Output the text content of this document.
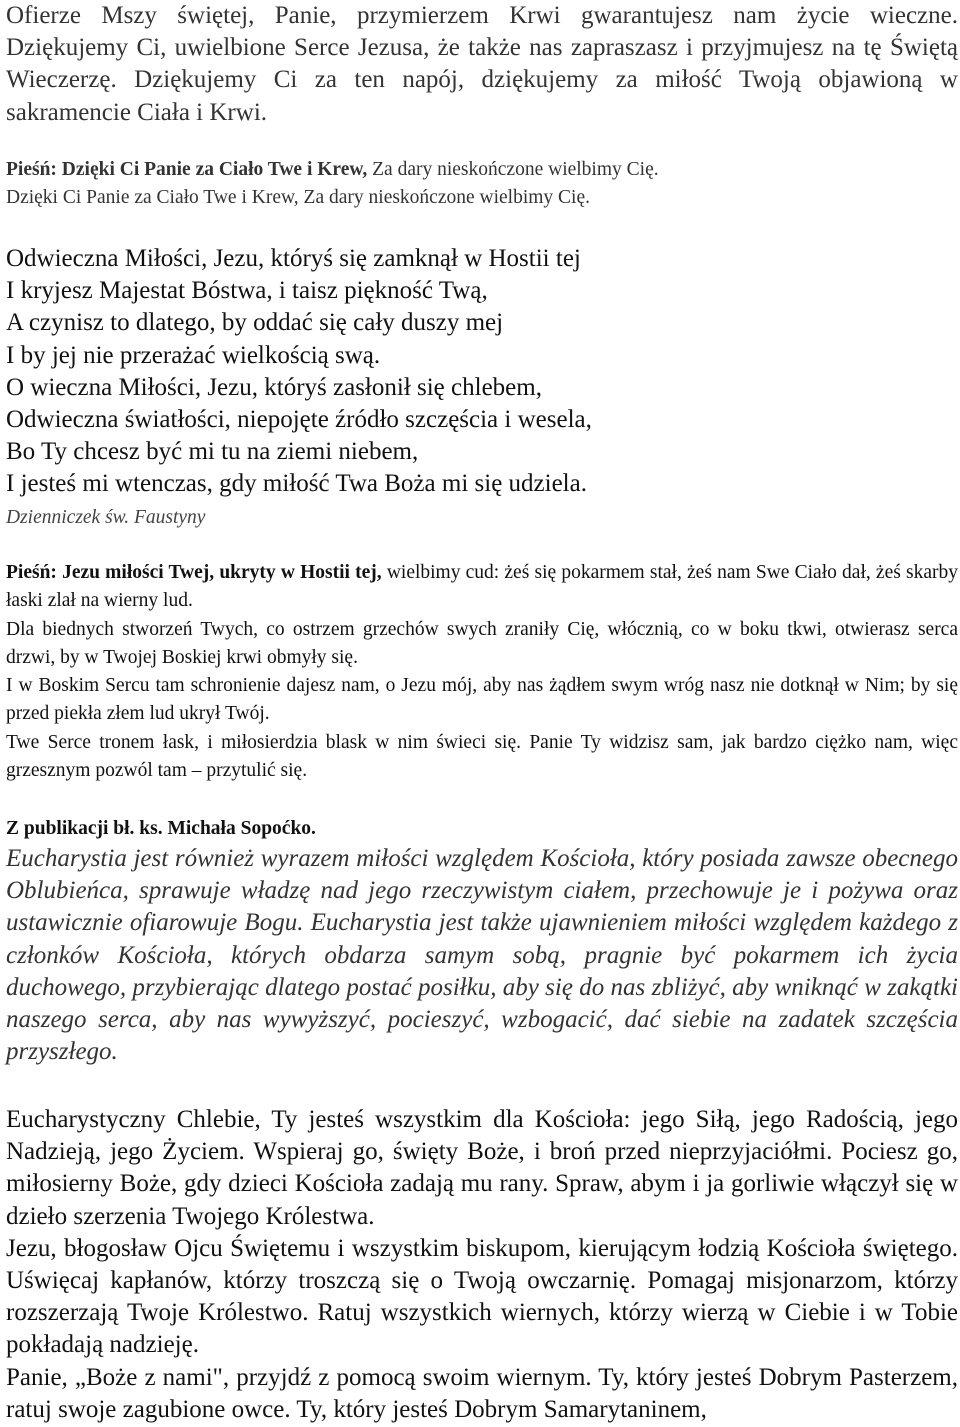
Ofierze Mszy świętej, Panie, przymierzem Krwi gwarantujesz nam życie wieczne. Dziękujemy Ci, uwielbione Serce Jezusa, że także nas zapraszasz i przyjmujesz na tę Świętą Wieczerzę. Dziękujemy Ci za ten napój, dziękujemy za miłość Twoją objawioną w sakramencie Ciała i Krwi.

Pieśń: Dzięki Ci Panie za Ciało Twe i Krew, Za dary nieskończone wielbimy Cię.
Dzięki Ci Panie za Ciało Twe i Krew, Za dary nieskończone wielbimy Cię.
Odwieczna Miłości, Jezu, któryś się zamknął w Hostii tej
I kryjesz Majestat Bóstwa, i taisz piękność Twą,
A czynisz to dlatego, by oddać się cały duszy mej
I by jej nie przerażać wielkością swą.
O wieczna Miłości, Jezu, któryś zasłonił się chlebem,
Odwieczna światłości, niepojęte źródło szczęścia i wesela,
Bo Ty chcesz być mi tu na ziemi niebem,
I jesteś mi wtenczas, gdy miłość Twa Boża mi się udziela.
Dzienniczek św. Faustyny

Pieśń: Jezu miłości Twej, ukryty w Hostii tej, wielbimy cud: żeś się pokarmem stał, żeś nam Swe Ciało dał, żeś skarby łaski zlał na wierny lud.

Dla biednych stworzeń Twych, co ostrzem grzechów swych zraniły Cię, włócznią, co w boku tkwi, otwierasz serca drzwi, by w Twojej Boskiej krwi obmyły się.

I w Boskim Sercu tam schronienie dajesz nam, o Jezu mój, aby nas żądłem swym wróg nasz nie dotknął w Nim; by się przed piekła złem lud ukrył Twój.

Twe Serce tronem łask, i miłosierdzia blask w nim świeci się. Panie Ty widzisz sam, jak bardzo ciężko nam, więc grzesznym pozwól tam – przytulić się.

Z publikacji bł. ks. Michała Sopoćko.

Eucharystia jest również wyrazem miłości względem Kościoła, który posiada zawsze obecnego Oblubieńca, sprawuje władzę nad jego rzeczywistym ciałem, przechowuje je i pożywa oraz ustawicznie ofiarowuje Bogu. Eucharystia jest także ujawnieniem miłości względem każdego z członków Kościoła, których obdarza samym sobą, pragnie być pokarmem ich życia duchowego, przybierając dlatego postać posiłku, aby się do nas zbliżyć, aby wniknąć w zakątki naszego serca, aby nas wywyższyć, pocieszyć, wzbogacić, dać siebie na zadatek szczęścia przyszłego.

Eucharystyczny Chlebie, Ty jesteś wszystkim dla Kościoła: jego Siłą, jego Radością, jego Nadzieją, jego Życiem. Wspieraj go, święty Boże, i broń przed nieprzyjaciółmi. Pociesz go, miłosierny Boże, gdy dzieci Kościoła zadają mu rany. Spraw, abym i ja gorliwie włączył się w dzieło szerzenia Twojego Królestwa.

Jezu, błogosław Ojcu Świętemu i wszystkim biskupom, kierującym łodzią Kościoła świętego. Uświęcaj kapłanów, którzy troszczą się o Twoją owczarnię. Pomagaj misjonarzom, którzy rozszerzają Twoje Królestwo. Ratuj wszystkich wiernych, którzy wierzą w Ciebie i w Tobie pokładają nadzieję.

Panie, „Boże z nami", przyjdź z pomocą swoim wiernym. Ty, który jesteś Dobrym Pasterzem, ratuj swoje zagubione owce. Ty, który jesteś Dobrym Samarytaninem,
